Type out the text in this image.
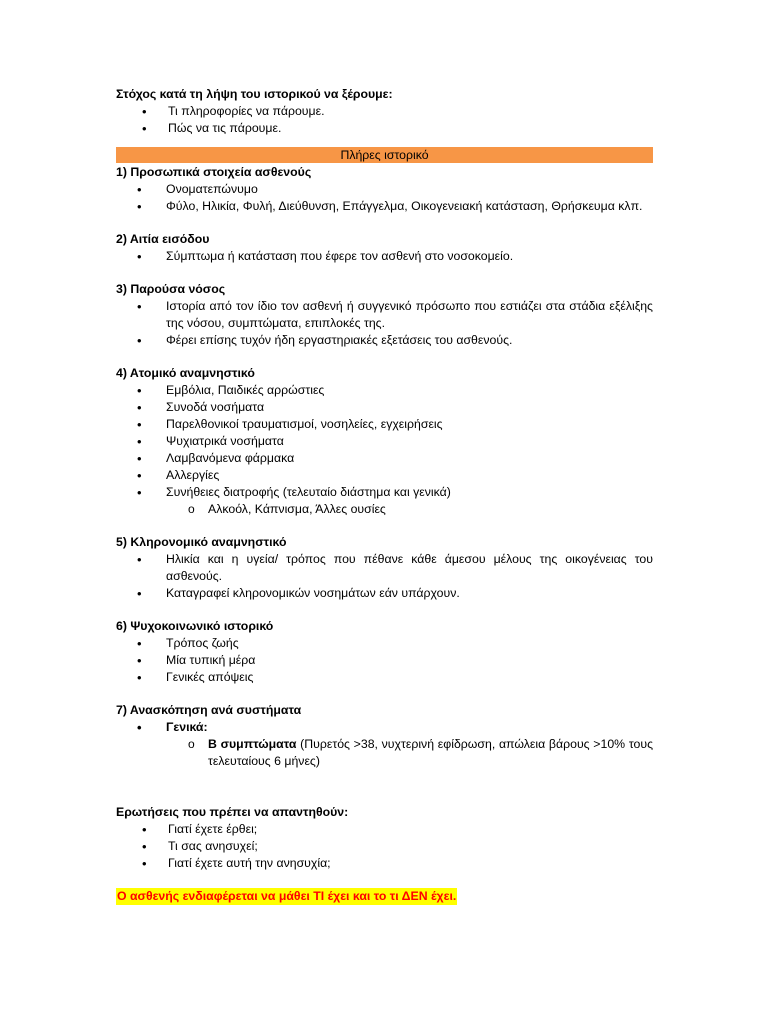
Στόχος κατά τη λήψη του ιστορικού να ξέρουμε:
• Τι πληροφορίες να πάρουμε.
• Πώς να τις πάρουμε.
Πλήρες ιστορικό
1) Προσωπικά στοιχεία ασθενούς
• Ονοματεπώνυμο
• Φύλο, Ηλικία, Φυλή, Διεύθυνση, Επάγγελμα, Οικογενειακή κατάσταση, Θρήσκευμα κλπ.
2) Αιτία εισόδου
• Σύμπτωμα ή κατάσταση που έφερε τον ασθενή στο νοσοκομείο.
3) Παρούσα νόσος
• Ιστορία από τον ίδιο τον ασθενή ή συγγενικό πρόσωπο που εστιάζει στα στάδια εξέλιξης της νόσου, συμπτώματα, επιπλοκές της.
• Φέρει επίσης τυχόν ήδη εργαστηριακές εξετάσεις του ασθενούς.
4) Ατομικό αναμνηστικό
• Εμβόλια, Παιδικές αρρώστιες
• Συνοδά νοσήματα
• Παρελθονικοί τραυματισμοί, νοσηλείες, εγχειρήσεις
• Ψυχιατρικά νοσήματα
• Λαμβανόμενα φάρμακα
• Αλλεργίες
• Συνήθειες διατροφής (τελευταίο διάστημα και γενικά)
o Αλκοόλ, Κάπνισμα, Άλλες ουσίες
5) Κληρονομικό αναμνηστικό
• Ηλικία και η υγεία/ τρόπος που πέθανε κάθε άμεσου μέλους της οικογένειας του ασθενούς.
• Καταγραφεί κληρονομικών νοσημάτων εάν υπάρχουν.
6) Ψυχοκοινωνικό ιστορικό
• Τρόπος ζωής
• Μία τυπική μέρα
• Γενικές απόψεις
7) Ανασκόπηση ανά συστήματα
• Γενικά:
o Β συμπτώματα (Πυρετός >38, νυχτερινή εφίδρωση, απώλεια βάρους >10% τους τελευταίους 6 μήνες)
Ερωτήσεις που πρέπει να απαντηθούν:
• Γιατί έχετε έρθει;
• Τι σας ανησυχεί;
• Γιατί έχετε αυτή την ανησυχία;
Ο ασθενής ενδιαφέρεται να μάθει ΤΙ έχει και το τι ΔΕΝ έχει.
